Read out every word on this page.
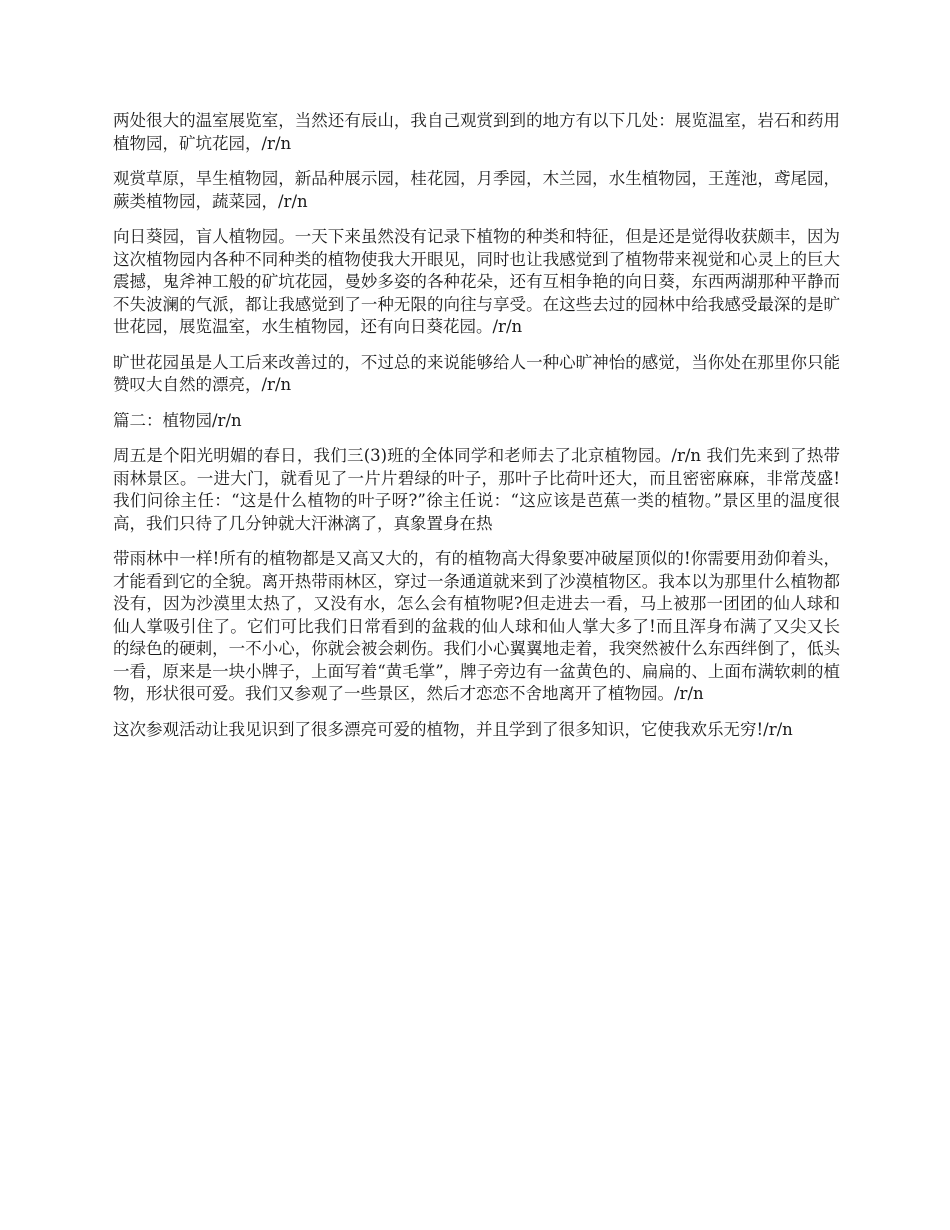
两处很大的温室展览室，当然还有辰山，我自己观赏到到的地方有以下几处：展览温室，岩石和药用植物园，矿坑花园，/r/n

观赏草原，旱生植物园，新品种展示园，桂花园，月季园，木兰园，水生植物园，王莲池，鸢尾园，蕨类植物园，蔬菜园，/r/n

向日葵园，盲人植物园。一天下来虽然没有记录下植物的种类和特征，但是还是觉得收获颇丰，因为这次植物园内各种不同种类的植物使我大开眼见，同时也让我感觉到了植物带来视觉和心灵上的巨大震撼，鬼斧神工般的矿坑花园，曼妙多姿的各种花朵，还有互相争艳的向日葵，东西两湖那种平静而不失波澜的气派，都让我感觉到了一种无限的向往与享受。在这些去过的园林中给我感受最深的是旷世花园，展览温室，水生植物园，还有向日葵花园。/r/n

旷世花园虽是人工后来改善过的，不过总的来说能够给人一种心旷神怡的感觉，当你处在那里你只能赞叹大自然的漂亮，/r/n

篇二：植物园/r/n

周五是个阳光明媚的春日，我们三(3)班的全体同学和老师去了北京植物园。/r/n 我们先来到了热带雨林景区。一进大门，就看见了一片片碧绿的叶子，那叶子比荷叶还大，而且密密麻麻，非常茂盛!我们问徐主任：“这是什么植物的叶子呀?”徐主任说：“这应该是芭蕉一类的植物。”景区里的温度很高，我们只待了几分钟就大汗淋漓了，真象置身在热

带雨林中一样!所有的植物都是又高又大的，有的植物高大得象要冲破屋顶似的!你需要用劲仰着头，才能看到它的全貌。离开热带雨林区，穿过一条通道就来到了沙漠植物区。我本以为那里什么植物都没有，因为沙漠里太热了，又没有水，怎么会有植物呢?但走进去一看，马上被那一团团的仙人球和仙人掌吸引住了。它们可比我们日常看到的盆栽的仙人球和仙人掌大多了!而且浑身布满了又尖又长的绿色的硬刺，一不小心，你就会被会刺伤。我们小心翼翼地走着，我突然被什么东西绊倒了，低头一看，原来是一块小牌子，上面写着“黄毛掌”，牌子旁边有一盆黄色的、扁扁的、上面布满软刺的植物，形状很可爱。我们又参观了一些景区，然后才恋恋不舍地离开了植物园。/r/n

这次参观活动让我见识到了很多漂亮可爱的植物，并且学到了很多知识，它使我欢乐无穷!/r/n
